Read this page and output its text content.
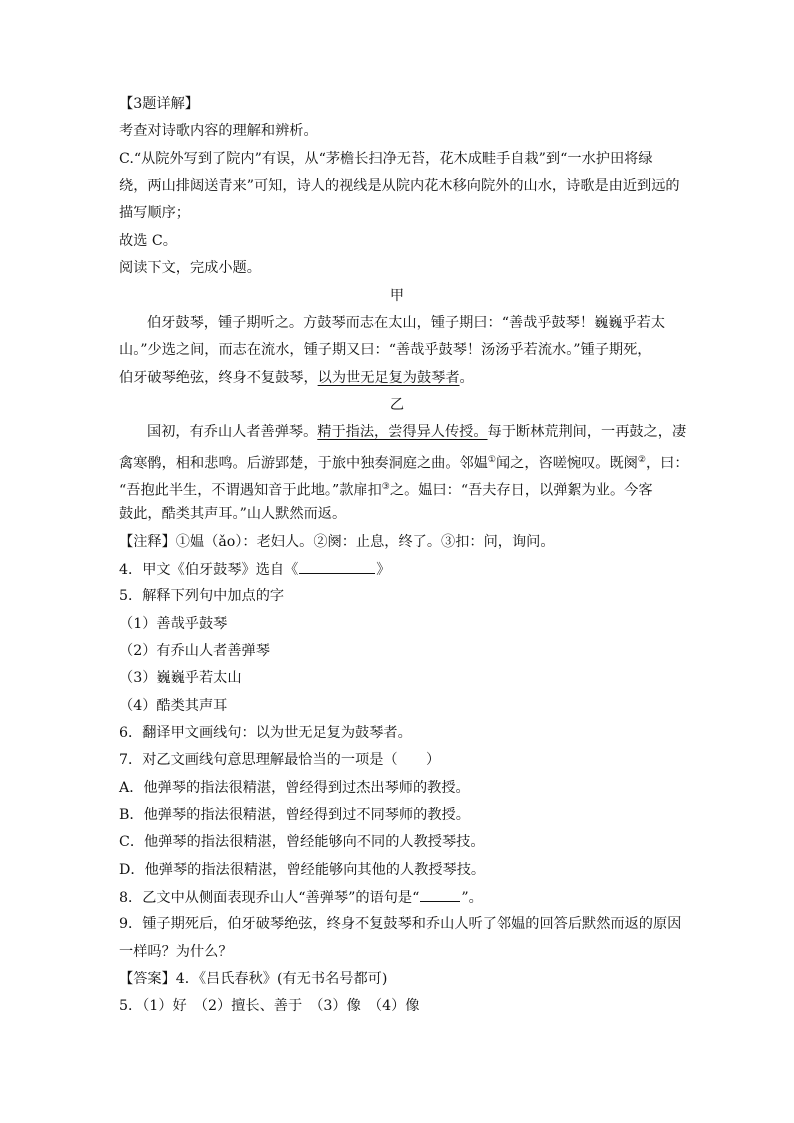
【3题详解】
考查对诗歌内容的理解和辨析。
C.“从院外写到了院内”有误，从“茅檐长扫净无苔，花木成畦手自栽”到“一水护田将绿
绕，两山排闼送青来”可知，诗人的视线是从院内花木移向院外的山水，诗歌是由近到远的
描写顺序；
故选 C。
阅读下文，完成小题。
甲
伯牙鼓琴，锺子期听之。方鼓琴而志在太山，锺子期曰：“善哉乎鼓琴！巍巍乎若太
山。”少选之间，而志在流水，锺子期又曰：“善哉乎鼓琴！汤汤乎若流水。”锺子期死，
伯牙破琴绝弦，终身不复鼓琴，以为世无足复为鼓琴者。
乙
国初，有乔山人者善弹琴。精于指法，尝得异人传授。每于断林荒荆间，一再鼓之，凄
禽寒鹘，相和悲鸣。后游郢楚，于旅中独奏洞庭之曲。邻媪①闻之，咨嗟惋叹。既阕②，曰：
“吾抱此半生，不谓遇知音于此地。”款扉扣③之。媪曰：“吾夫存日，以弹絮为业。今客
鼓此，酷类其声耳。”山人默然而返。
【注释】①媪（ǎo）：老妇人。②阕：止息，终了。③扣：问，询问。
4．甲文《伯牙鼓琴》选自《	》
5．解释下列句中加点的字
（1）善哉乎鼓琴
（2）有乔山人者善弹琴
（3）巍巍乎若太山
（4）酷类其声耳
6．翻译甲文画线句：以为世无足复为鼓琴者。
7．对乙文画线句意思理解最恰当的一项是（　　）
A．他弹琴的指法很精湛，曾经得到过杰出琴师的教授。
B．他弹琴的指法很精湛，曾经得到过不同琴师的教授。
C．他弹琴的指法很精湛，曾经能够向不同的人教授琴技。
D．他弹琴的指法很精湛，曾经能够向其他的人教授琴技。
8．乙文中从侧面表现乔山人“善弹琴”的语句是“	”。
9．锺子期死后，伯牙破琴绝弦，终身不复鼓琴和乔山人听了邻媪的回答后默然而返的原因
一样吗？为什么？
【答案】4．《吕氏春秋》(有无书名号都可)
5．（1）好　（2）擅长、善于　（3）像　（4）像
